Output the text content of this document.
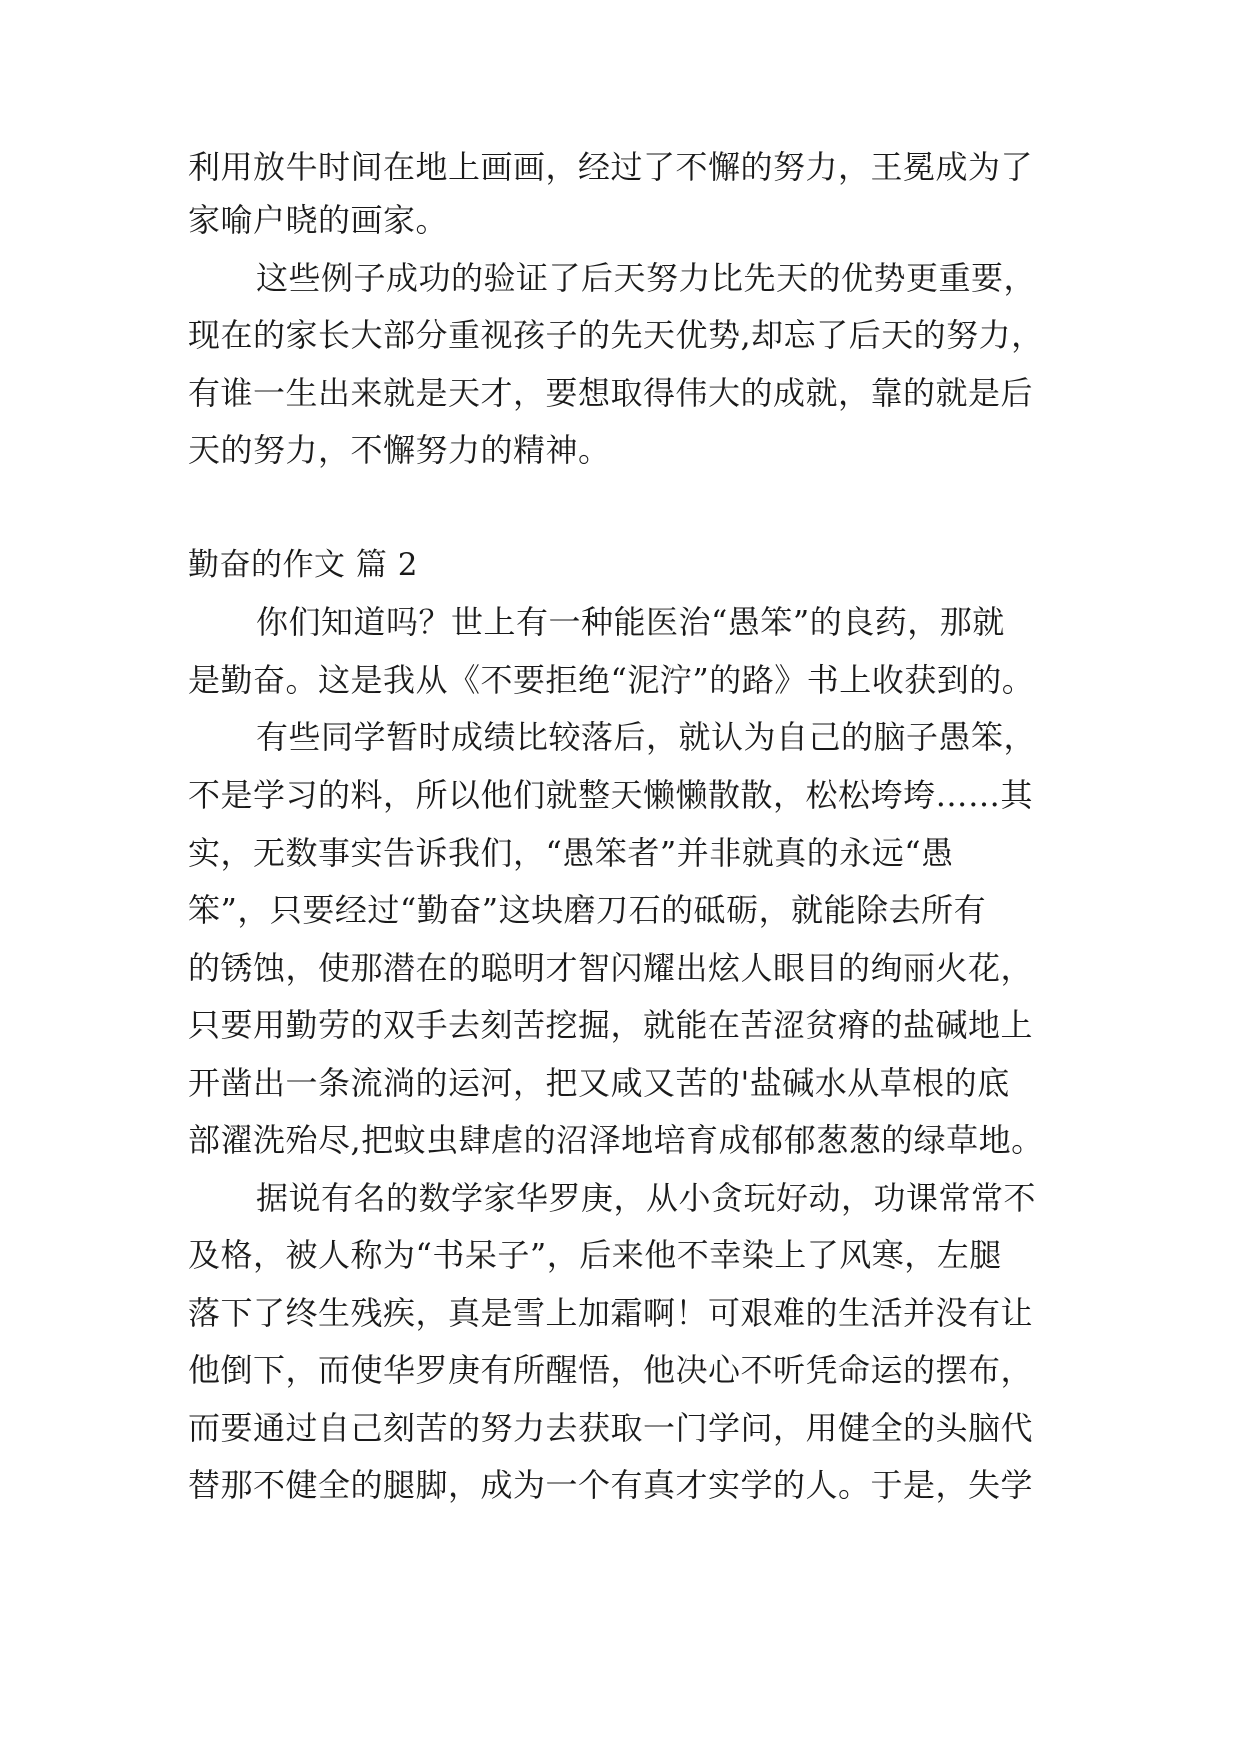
利用放牛时间在地上画画，经过了不懈的努力，王冕成为了
家喻户晓的画家。
这些例子成功的验证了后天努力比先天的优势更重要，
现在的家长大部分重视孩子的先天优势,却忘了后天的努力，
有谁一生出来就是天才，要想取得伟大的成就，靠的就是后
天的努力，不懈努力的精神。
勤奋的作文 篇 2
你们知道吗？世上有一种能医治“愚笨”的良药，那就
是勤奋。这是我从《不要拒绝“泥泞”的路》书上收获到的。
有些同学暂时成绩比较落后，就认为自己的脑子愚笨，
不是学习的料，所以他们就整天懒懒散散，松松垮垮……其
实，无数事实告诉我们，“愚笨者”并非就真的永远“愚
笨”，只要经过“勤奋”这块磨刀石的砥砺，就能除去所有
的锈蚀，使那潜在的聪明才智闪耀出炫人眼目的绚丽火花，
只要用勤劳的双手去刻苦挖掘，就能在苦涩贫瘠的盐碱地上
开凿出一条流淌的运河，把又咸又苦的'盐碱水从草根的底
部濯洗殆尽,把蚊虫肆虐的沼泽地培育成郁郁葱葱的绿草地。
据说有名的数学家华罗庚，从小贪玩好动，功课常常不
及格，被人称为“书呆子”，后来他不幸染上了风寒，左腿
落下了终生残疾，真是雪上加霜啊！可艰难的生活并没有让
他倒下，而使华罗庚有所醒悟，他决心不听凭命运的摆布，
而要通过自己刻苦的努力去获取一门学问，用健全的头脑代
替那不健全的腿脚，成为一个有真才实学的人。于是，失学
